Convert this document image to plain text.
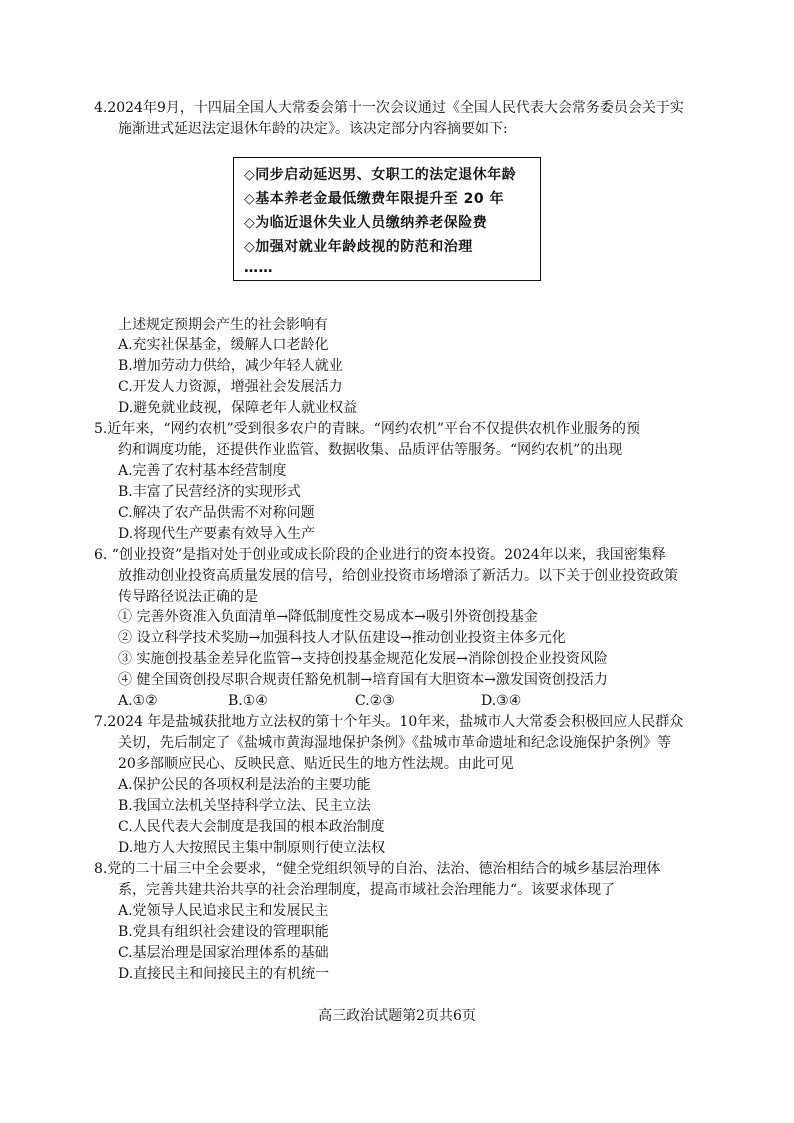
4.2024年9月，十四届全国人大常委会第十一次会议通过《全国人民代表大会常务委员会关于实
施渐进式延迟法定退休年龄的决定》。该决定部分内容摘要如下:
◇同步启动延迟男、女职工的法定退休年龄
◇基本养老金最低缴费年限提升至 20 年
◇为临近退休失业人员缴纳养老保险费
◇加强对就业年龄歧视的防范和治理
……
上述规定预期会产生的社会影响有
A.充实社保基金，缓解人口老龄化
B.增加劳动力供给，减少年轻人就业
C.开发人力资源，增强社会发展活力
D.避免就业歧视，保障老年人就业权益
5.近年来，“网约农机”受到很多农户的青睐。“网约农机”平台不仅提供农机作业服务的预
约和调度功能，还提供作业监管、数据收集、品质评估等服务。“网约农机”的出现
A.完善了农村基本经营制度
B.丰富了民营经济的实现形式
C.解决了农产品供需不对称问题
D.将现代生产要素有效导入生产
6. “创业投资”是指对处于创业或成长阶段的企业进行的资本投资。2024年以来，我国密集释
放推动创业投资高质量发展的信号，给创业投资市场增添了新活力。以下关于创业投资政策
传导路径说法正确的是
① 完善外资准入负面清单→降低制度性交易成本→吸引外资创投基金
② 设立科学技术奖励→加强科技人才队伍建设→推动创业投资主体多元化
③ 实施创投基金差异化监管→支持创投基金规范化发展→消除创投企业投资风险
④ 健全国资创投尽职合规责任豁免机制→培育国有大胆资本→激发国资创投活力
A.①②	B.①④	C.②③	D.③④
7.2024 年是盐城获批地方立法权的第十个年头。10年来，盐城市人大常委会积极回应人民群众
关切，先后制定了《盐城市黄海湿地保护条例》《盐城市革命遗址和纪念设施保护条例》等
20多部顺应民心、反映民意、贴近民生的地方性法规。由此可见
A.保护公民的各项权利是法治的主要功能
B.我国立法机关坚持科学立法、民主立法
C.人民代表大会制度是我国的根本政治制度
D.地方人大按照民主集中制原则行使立法权
8.党的二十届三中全会要求，“健全党组织领导的自治、法治、德治相结合的城乡基层治理体
系，完善共建共治共享的社会治理制度，提高市域社会治理能力“。该要求体现了
A.党领导人民追求民主和发展民主
B.党具有组织社会建设的管理职能
C.基层治理是国家治理体系的基础
D.直接民主和间接民主的有机统一
高三政治试题第2页共6页
